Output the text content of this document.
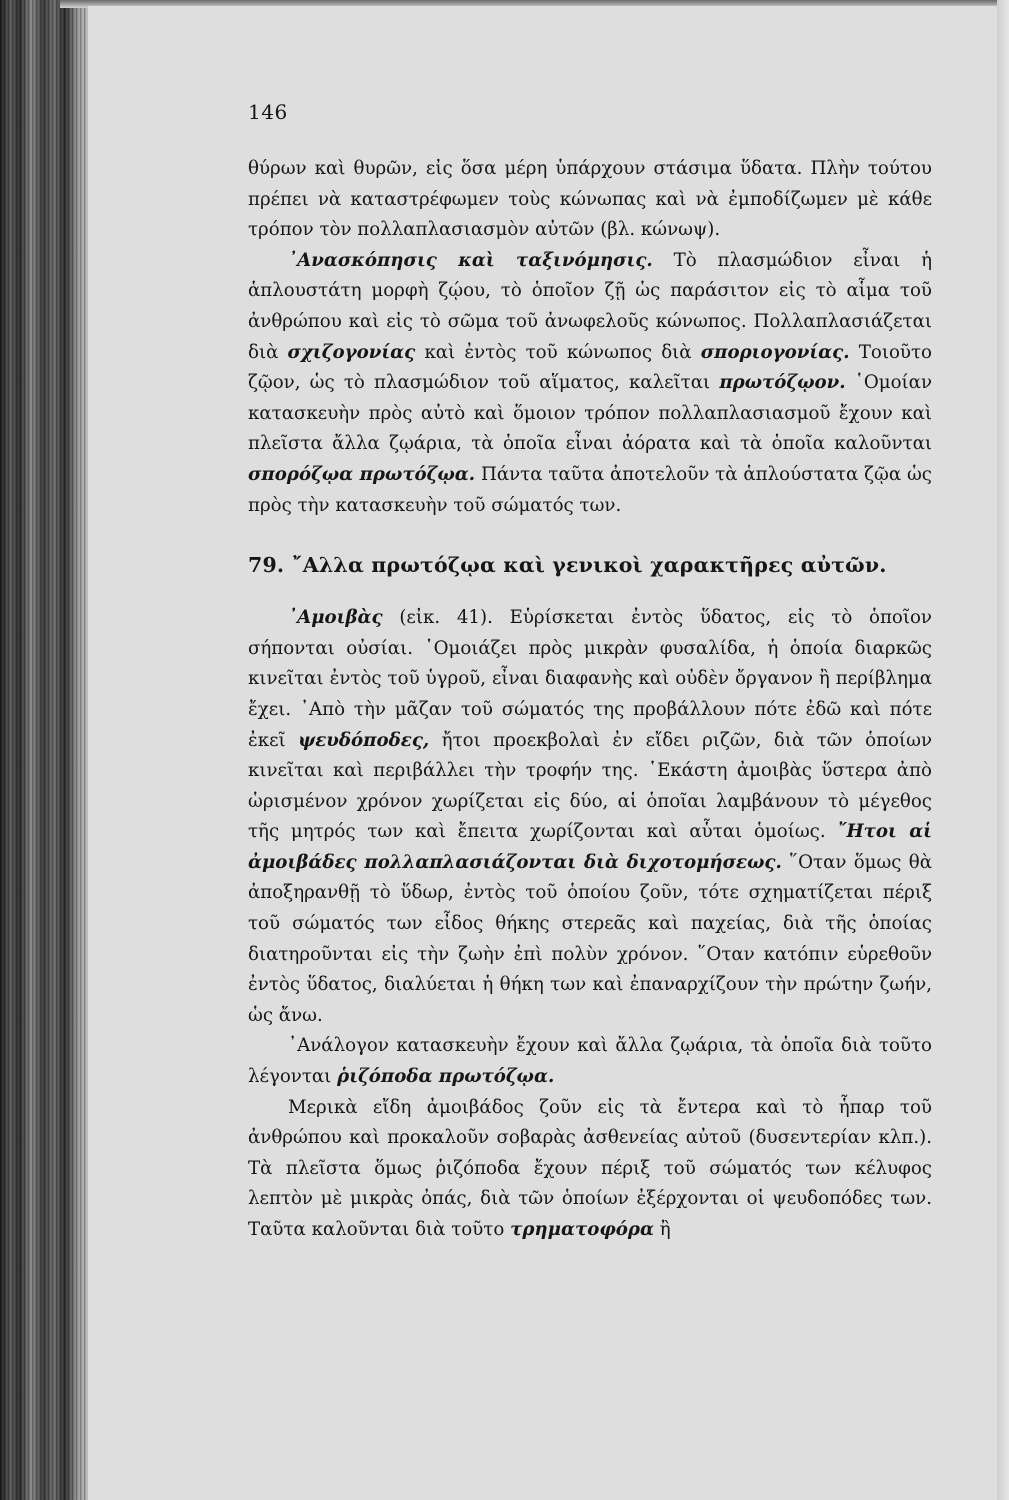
146

θύρων καὶ θυρῶν, εἰς ὅσα μέρη ὑπάρχουν στάσιμα ὕδατα. Πλὴν τούτου πρέπει νὰ καταστρέφωμεν τοὺς κώνωπας καὶ νὰ ἐμποδίζωμεν μὲ κάθε τρόπον τὸν πολλαπλασιασμὸν αὐτῶν (βλ. κώνωψ).

᾿Ανασκόπησις καὶ ταξινόμησις. Τὸ πλασμώδιον εἶναι ἡ ἁπλουστάτη μορφὴ ζῴου, τὸ ὁποῖον ζῇ ὡς παράσιτον εἰς τὸ αἷμα τοῦ ἀνθρώπου καὶ εἰς τὸ σῶμα τοῦ ἀνωφελοῦς κώνωπος. Πολλαπλασιάζεται διὰ σχιζογονίας καὶ ἐντὸς τοῦ κώνωπος διὰ σποριογονίας. Τοιοῦτο ζῷον, ὡς τὸ πλασμώδιον τοῦ αἵματος, καλεῖται πρωτόζῳον. ῾Ομοίαν κατασκευὴν πρὸς αὐτὸ καὶ ὅμοιον τρόπον πολλαπλασιασμοῦ ἔχουν καὶ πλεῖστα ἄλλα ζῳάρια, τὰ ὁποῖα εἶναι ἀόρατα καὶ τὰ ὁποῖα καλοῦνται σπορόζῳα πρωτόζῳα. Πάντα ταῦτα ἀποτελοῦν τὰ ἁπλούστατα ζῷα ὡς πρὸς τὴν κατασκευὴν τοῦ σώματός των.

79. ῎Αλλα πρωτόζῳα καὶ γενικοὶ χαρακτῆρες αὐτῶν.

᾿Αμοιβὰς (εἰκ. 41). Εὑρίσκεται ἐντὸς ὕδατος, εἰς τὸ ὁποῖον σήπονται οὐσίαι. ῾Ομοιάζει πρὸς μικρὰν φυσαλίδα, ἡ ὁποία διαρκῶς κινεῖται ἐντὸς τοῦ ὑγροῦ, εἶναι διαφανὴς καὶ οὐδὲν ὄργανον ἢ περίβλημα ἔχει. ᾿Απὸ τὴν μᾶζαν τοῦ σώματός της προβάλλουν πότε ἐδῶ καὶ πότε ἐκεῖ ψευδόποδες, ἤτοι προεκβολαὶ ἐν εἴδει ριζῶν, διὰ τῶν ὁποίων κινεῖται καὶ περιβάλλει τὴν τροφήν της. ῾Εκάστη ἀμοιβὰς ὕστερα ἀπὸ ὡρισμένον χρόνον χωρίζεται εἰς δύο, αἱ ὁποῖαι λαμβάνουν τὸ μέγεθος τῆς μητρός των καὶ ἔπειτα χωρίζονται καὶ αὗται ὁμοίως. ῎Ητοι αἱ ἀμοιβάδες πολλαπλασιάζονται διὰ διχοτομήσεως. ῞Οταν ὅμως θὰ ἀποξηρανθῇ τὸ ὕδωρ, ἐντὸς τοῦ ὁποίου ζοῦν, τότε σχηματίζεται πέριξ τοῦ σώματός των εἶδος θήκης στερεᾶς καὶ παχείας, διὰ τῆς ὁποίας διατηροῦνται εἰς τὴν ζωὴν ἐπὶ πολὺν χρόνον. ῞Οταν κατόπιν εὑρεθοῦν ἐντὸς ὕδατος, διαλύεται ἡ θήκη των καὶ ἐπαναρχίζουν τὴν πρώτην ζωήν, ὡς ἄνω.

᾿Ανάλογον κατασκευὴν ἔχουν καὶ ἄλλα ζῳάρια, τὰ ὁποῖα διὰ τοῦτο λέγονται ῥιζόποδα πρωτόζῳα.

Μερικὰ εἴδη ἀμοιβάδος ζοῦν εἰς τὰ ἔντερα καὶ τὸ ἧπαρ τοῦ ἀνθρώπου καὶ προκαλοῦν σοβαρὰς ἀσθενείας αὐτοῦ (δυσεντερίαν κλπ.). Τὰ πλεῖστα ὅμως ῥιζόποδα ἔχουν πέριξ τοῦ σώματός των κέλυφος λεπτὸν μὲ μικρὰς ὀπάς, διὰ τῶν ὁποίων ἐξέρχονται οἱ ψευδοπόδες των. Ταῦτα καλοῦνται διὰ τοῦτο τρηματοφόρα ἢ
